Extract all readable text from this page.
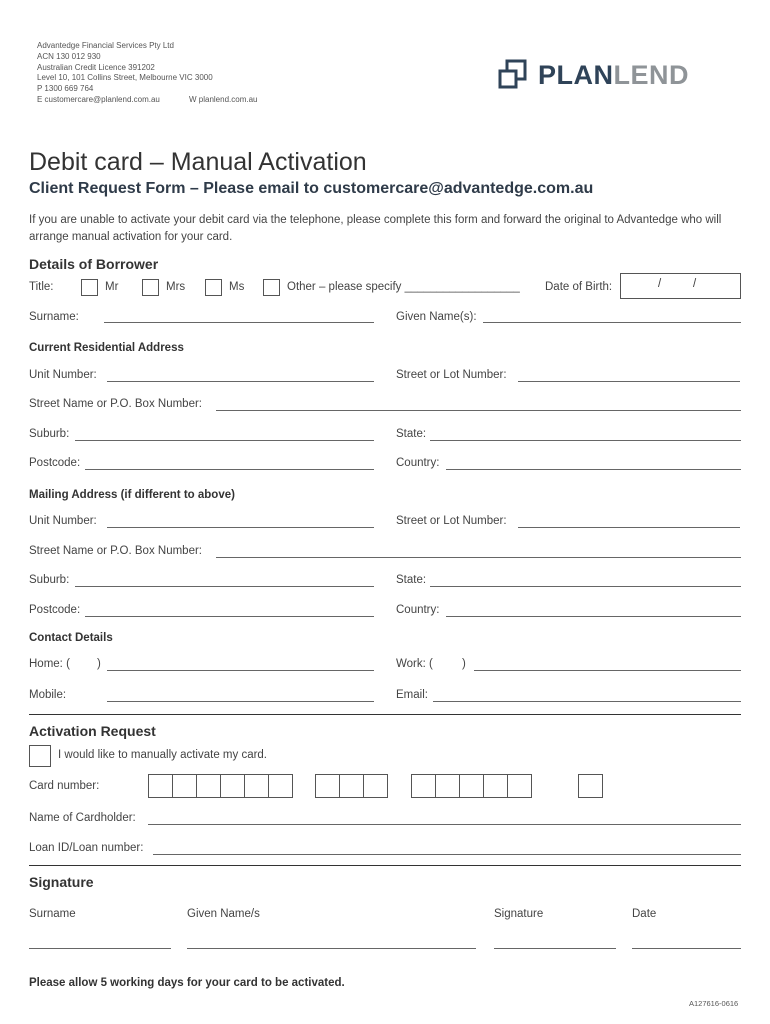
Advantedge Financial Services Pty Ltd
ACN 130 012 930
Australian Credit Licence 391202
Level 10, 101 Collins Street, Melbourne VIC 3000
P 1300 669 764
E customercare@planlend.com.au	W planlend.com.au
PLAN LEND
Debit card – Manual Activation
Client Request Form – Please email to customercare@advantedge.com.au
If you are unable to activate your debit card via the telephone, please complete this form and forward the original to Advantedge who will arrange manual activation for your card.
Details of Borrower
Title:	Mr	Mrs	Ms	Other – please specify __________________ Date of Birth:	/	/
Surname:	Given Name(s):
Current Residential Address
Unit Number:	Street or Lot Number:
Street Name or P.O. Box Number:
Suburb:	State:
Postcode:	Country:
Mailing Address (if different to above)
Unit Number:	Street or Lot Number:
Street Name or P.O. Box Number:
Suburb:	State:
Postcode:	Country:
Contact Details
Home: ( )	Work: (	)
Mobile:	Email:
Activation Request
I would like to manually activate my card.
Card number:
Name of Cardholder:
Loan ID/Loan number:
Signature
Surname	Given Name/s	Signature	Date
Please allow 5 working days for your card to be activated.
A127616-0616
